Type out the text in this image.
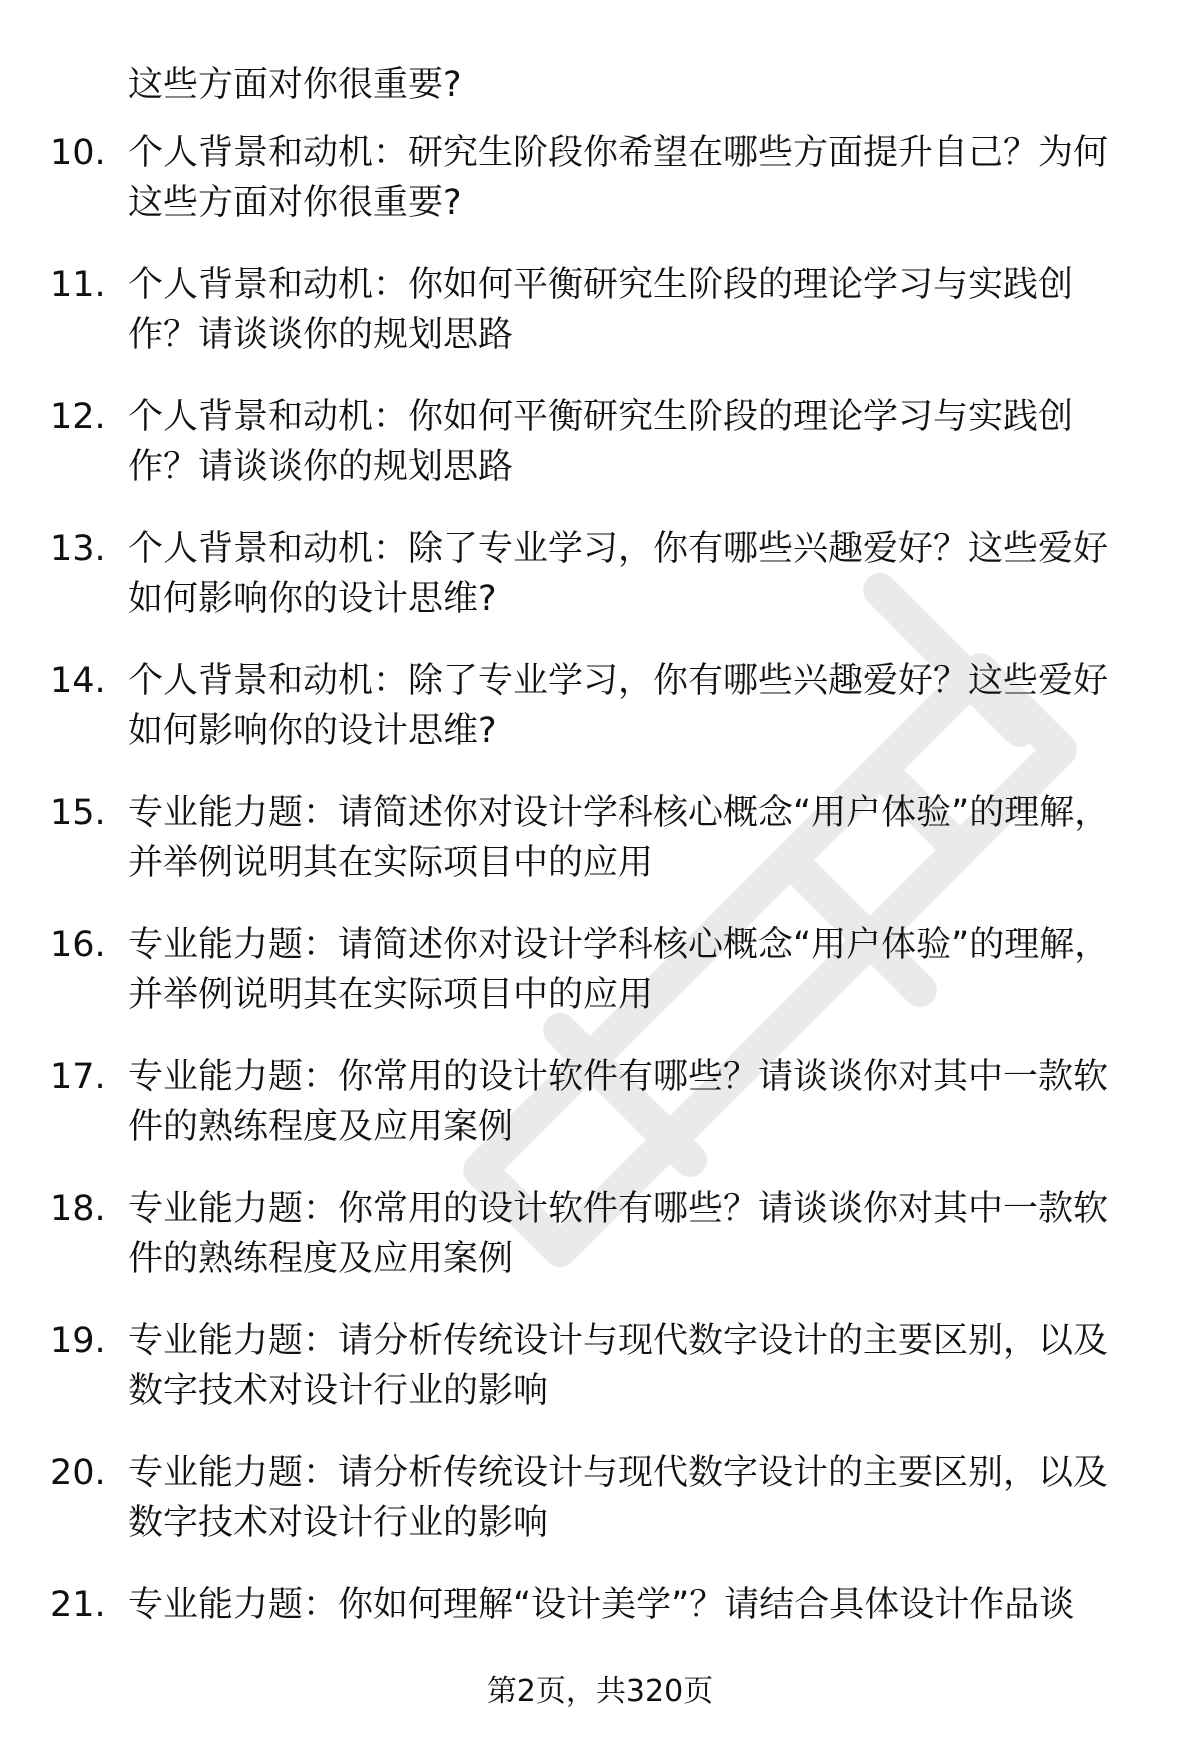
这些方面对你很重要?
10. 个人背景和动机：研究生阶段你希望在哪些方面提升自己？为何这些方面对你很重要?
11. 个人背景和动机：你如何平衡研究生阶段的理论学习与实践创作？请谈谈你的规划思路
12. 个人背景和动机：你如何平衡研究生阶段的理论学习与实践创作？请谈谈你的规划思路
13. 个人背景和动机：除了专业学习，你有哪些兴趣爱好？这些爱好如何影响你的设计思维?
14. 个人背景和动机：除了专业学习，你有哪些兴趣爱好？这些爱好如何影响你的设计思维?
15. 专业能力题：请简述你对设计学科核心概念“用户体验”的理解，并举例说明其在实际项目中的应用
16. 专业能力题：请简述你对设计学科核心概念“用户体验”的理解，并举例说明其在实际项目中的应用
17. 专业能力题：你常用的设计软件有哪些？请谈谈你对其中一款软件的熟练程度及应用案例
18. 专业能力题：你常用的设计软件有哪些？请谈谈你对其中一款软件的熟练程度及应用案例
19. 专业能力题：请分析传统设计与现代数字设计的主要区别，以及数字技术对设计行业的影响
20. 专业能力题：请分析传统设计与现代数字设计的主要区别，以及数字技术对设计行业的影响
21. 专业能力题：你如何理解“设计美学”？请结合具体设计作品谈
第2页，共320页
